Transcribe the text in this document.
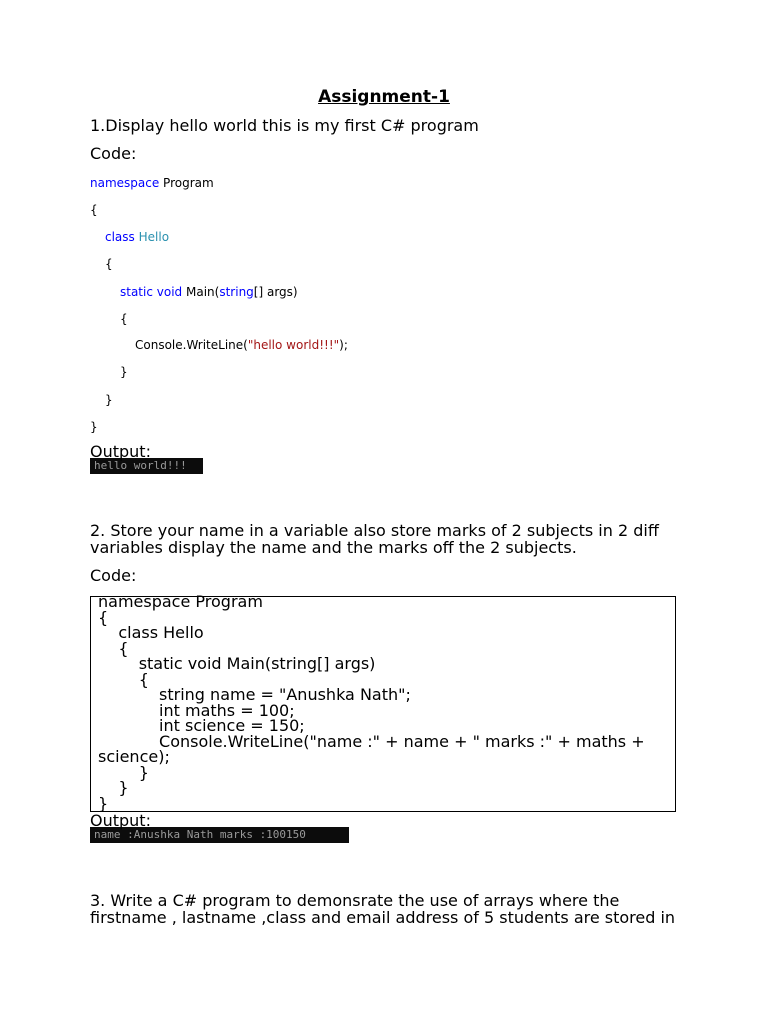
Assignment-1
1.Display hello world this is my first C# program
Code:
namespace Program
{
class Hello
{
static void Main(string[] args)
{
Console.WriteLine("hello world!!!");
}
}
}
hello world!!!
Output:
2. Store your name in a variable also store marks of 2 subjects in 2 diff
variables display the name and the marks off the 2 subjects.
Code:
namespace Program
{
class Hello
{
static void Main(string[] args)
{
string name = "Anushka Nath";
int maths = 100;
int science = 150;
Console.WriteLine("name :" + name + " marks :" + maths +
science);
}
}
}
name :Anushka Nath marks :100150
Output:
3. Write a C# program to demonsrate the use of arrays where the
firstname , lastname ,class and email address of 5 students are stored in
